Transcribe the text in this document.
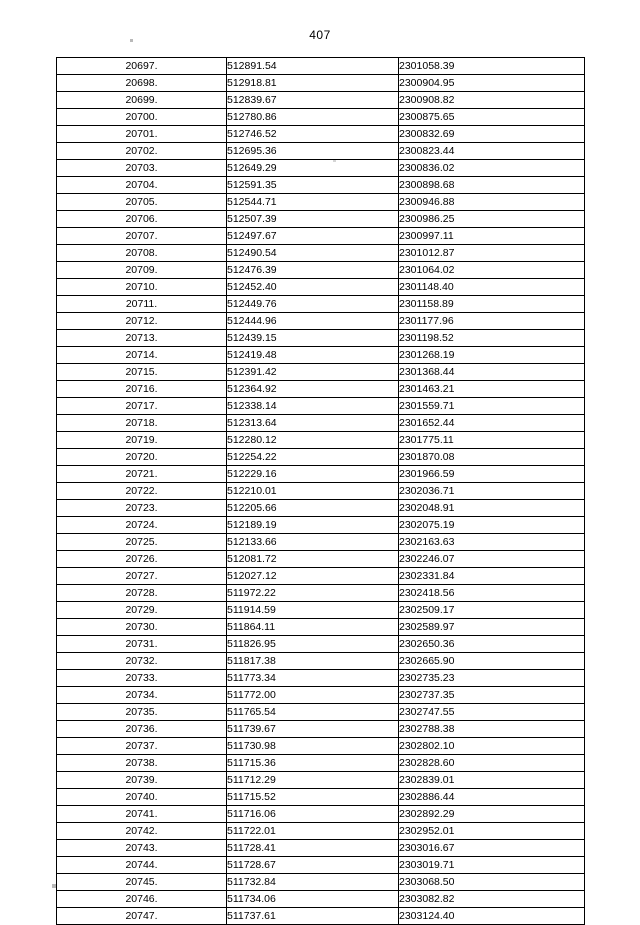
407
20697.	512891.54	2301058.39
20698.	512918.81	2300904.95
20699.	512839.67	2300908.82
20700.	512780.86	2300875.65
20701.	512746.52	2300832.69
20702.	512695.36	2300823.44
20703.	512649.29	2300836.02
20704.	512591.35	2300898.68
20705.	512544.71	2300946.88
20706.	512507.39	2300986.25
20707.	512497.67	2300997.11
20708.	512490.54	2301012.87
20709.	512476.39	2301064.02
20710.	512452.40	2301148.40
20711.	512449.76	2301158.89
20712.	512444.96	2301177.96
20713.	512439.15	2301198.52
20714.	512419.48	2301268.19
20715.	512391.42	2301368.44
20716.	512364.92	2301463.21
20717.	512338.14	2301559.71
20718.	512313.64	2301652.44
20719.	512280.12	2301775.11
20720.	512254.22	2301870.08
20721.	512229.16	2301966.59
20722.	512210.01	2302036.71
20723.	512205.66	2302048.91
20724.	512189.19	2302075.19
20725.	512133.66	2302163.63
20726.	512081.72	2302246.07
20727.	512027.12	2302331.84
20728.	511972.22	2302418.56
20729.	511914.59	2302509.17
20730.	511864.11	2302589.97
20731.	511826.95	2302650.36
20732.	511817.38	2302665.90
20733.	511773.34	2302735.23
20734.	511772.00	2302737.35
20735.	511765.54	2302747.55
20736.	511739.67	2302788.38
20737.	511730.98	2302802.10
20738.	511715.36	2302828.60
20739.	511712.29	2302839.01
20740.	511715.52	2302886.44
20741.	511716.06	2302892.29
20742.	511722.01	2302952.01
20743.	511728.41	2303016.67
20744.	511728.67	2303019.71
20745.	511732.84	2303068.50
20746.	511734.06	2303082.82
20747.	511737.61	2303124.40
